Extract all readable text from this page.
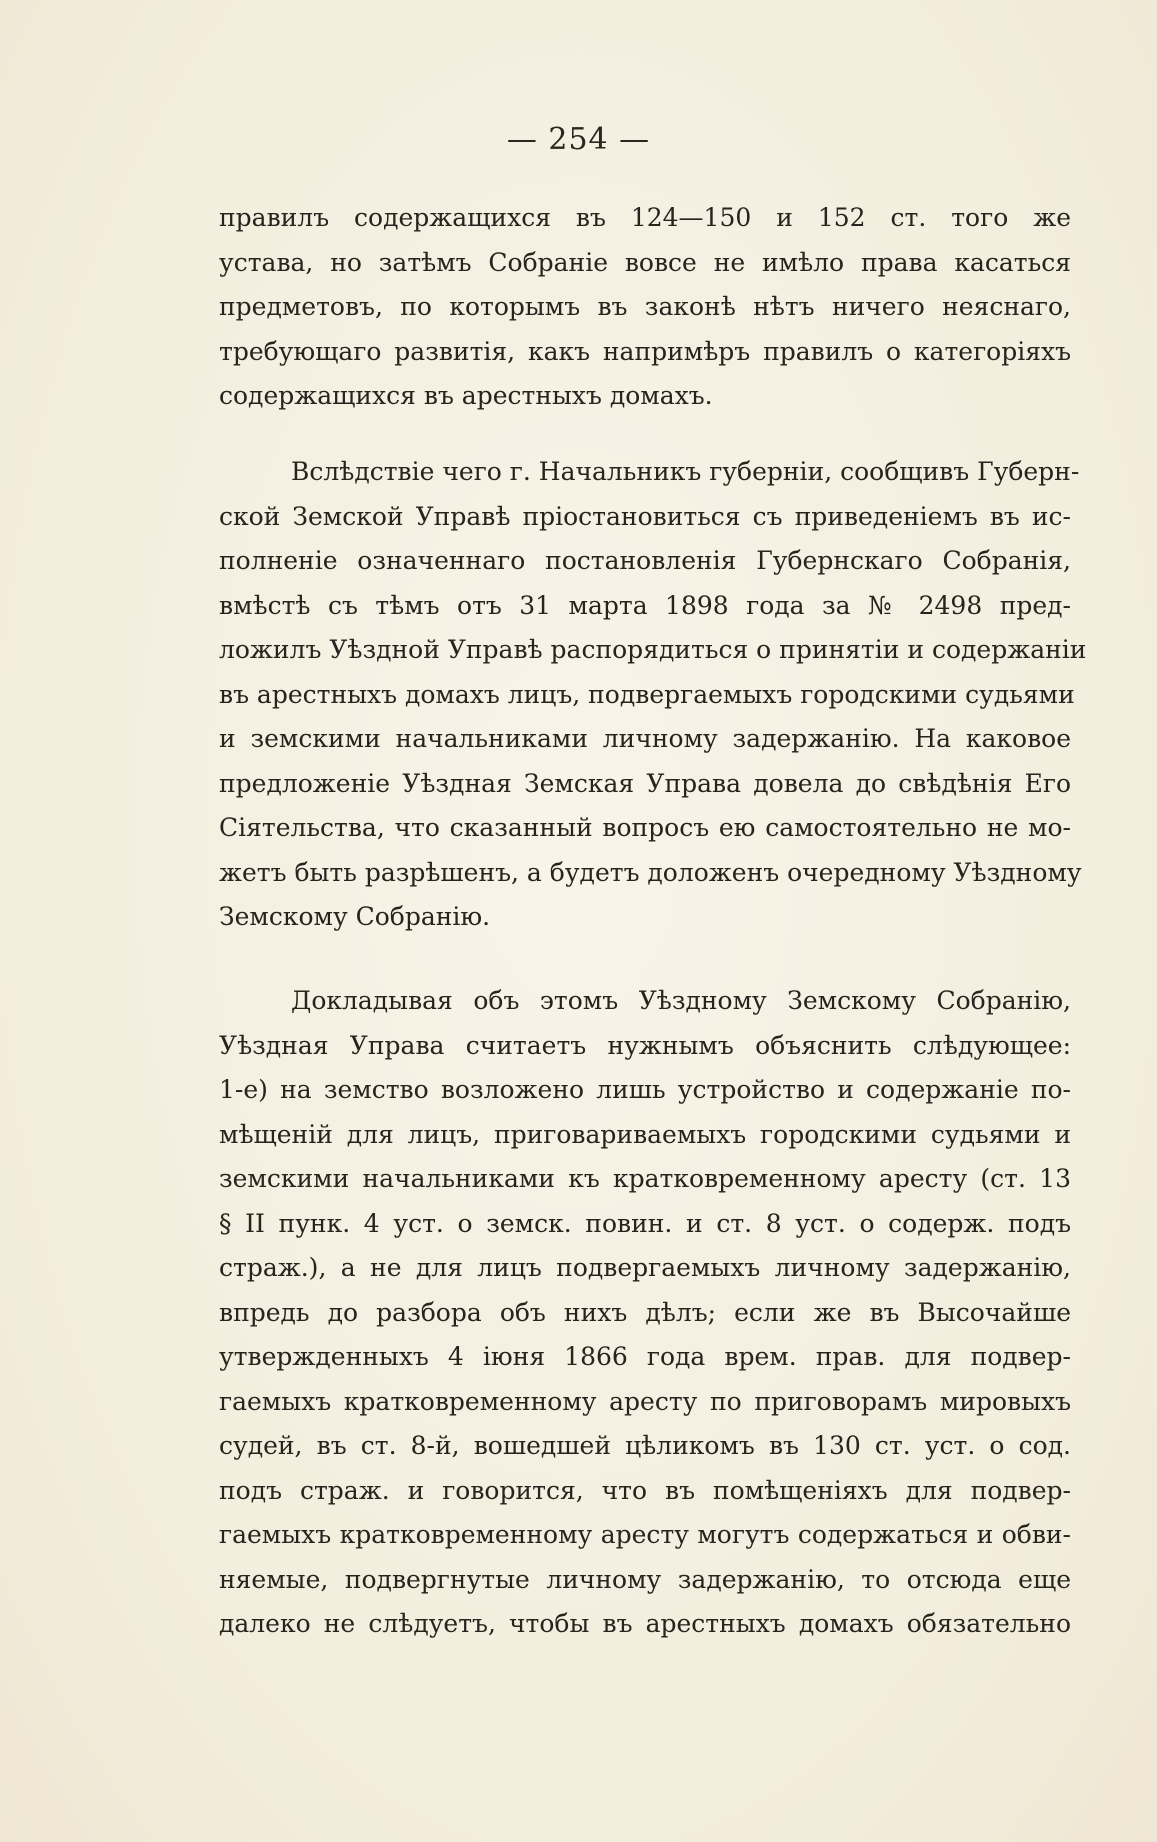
— 254 —
правилъ содержащихся въ 124—150 и 152 ст. того же
устава, но затѣмъ Собраніе вовсе не имѣло права касаться
предметовъ, по которымъ въ законѣ нѣтъ ничего неяснаго,
требующаго развитія, какъ напримѣръ правилъ о категоріяхъ
содержащихся въ арестныхъ домахъ.
Вслѣдствіе чего г. Начальникъ губерніи, сообщивъ Губерн-
ской Земской Управѣ пріостановиться съ приведеніемъ въ ис-
полненіе означеннаго постановленія Губернскаго Собранія,
вмѣстѣ съ тѣмъ отъ 31 марта 1898 года за № 2498 пред-
ложилъ Уѣздной Управѣ распорядиться о принятіи и содержаніи
въ арестныхъ домахъ лицъ, подвергаемыхъ городскими судьями
и земскими начальниками личному задержанію. На каковое
предложеніе Уѣздная Земская Управа довела до свѣдѣнія Его
Сіятельства, что сказанный вопросъ ею самостоятельно не мо-
жетъ быть разрѣшенъ, а будетъ доложенъ очередному Уѣздному
Земскому Собранію.
Докладывая объ этомъ Уѣздному Земскому Собранію,
Уѣздная Управа считаетъ нужнымъ объяснить слѣдующее:
1-е) на земство возложено лишь устройство и содержаніе по-
мѣщеній для лицъ, приговариваемыхъ городскими судьями и
земскими начальниками къ кратковременному аресту (ст. 13
§ II пунк. 4 уст. о земск. повин. и ст. 8 уст. о содерж. подъ
страж.), а не для лицъ подвергаемыхъ личному задержанію,
впредь до разбора объ нихъ дѣлъ; если же въ Высочайше
утвержденныхъ 4 іюня 1866 года врем. прав. для подвер-
гаемыхъ кратковременному аресту по приговорамъ мировыхъ
судей, въ ст. 8-й, вошедшей цѣликомъ въ 130 ст. уст. о сод.
подъ страж. и говорится, что въ помѣщеніяхъ для подвер-
гаемыхъ кратковременному аресту могутъ содержаться и обви-
няемые, подвергнутые личному задержанію, то отсюда еще
далеко не слѣдуетъ, чтобы въ арестныхъ домахъ обязательно
